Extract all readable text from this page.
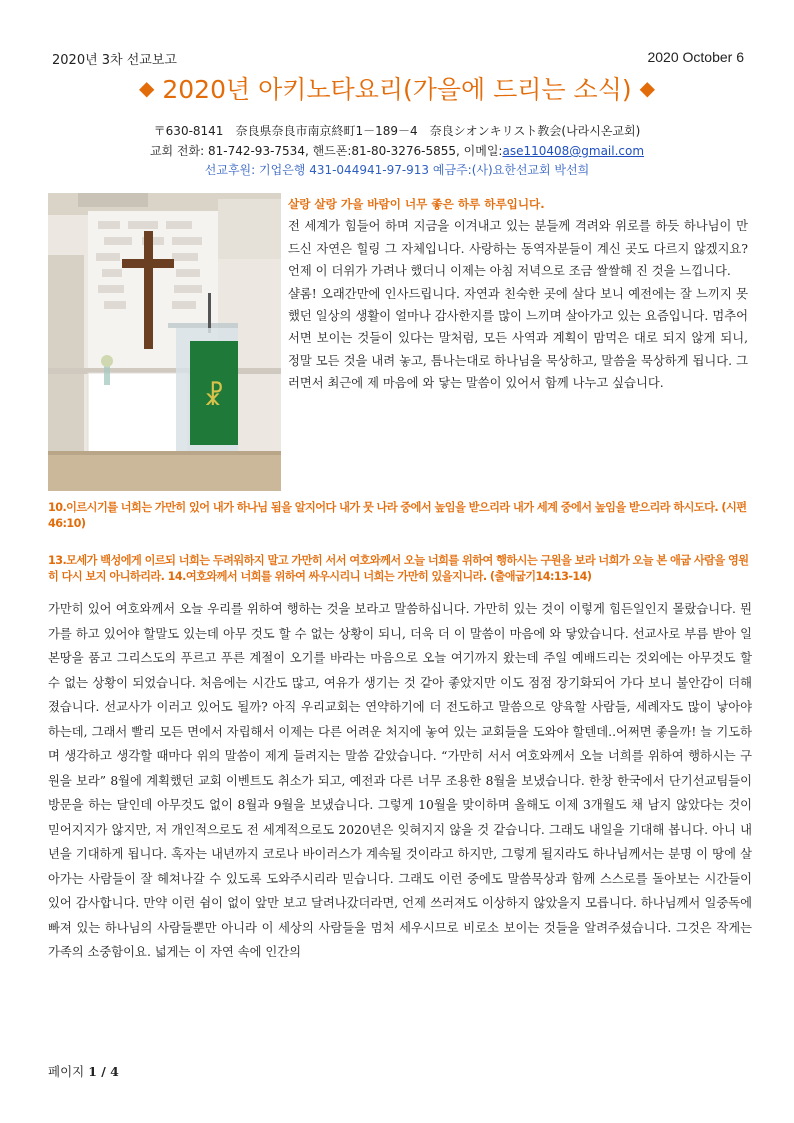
2020년 3차 선교보고	2020 October 6
◆ 2020년 아키노타요리(가을에 드리는 소식) ◆
〒630-8141　奈良県奈良市南京終町1－189－4　奈良シオンキリスト教会(나라시온교회)
교회 전화: 81-742-93-7534, 핸드폰:81-80-3276-5855, 이메일:ase110408@gmail.com
선교후원: 기업은행 431-044941-97-913 예금주:(사)요한선교회 박선희
☧
살랑 살랑 가을 바람이 너무 좋은 하루 하루입니다.
전 세계가 힘들어 하며 지금을 이겨내고 있는 분들께 격려와 위로를 하듯 하나님이 만드신 자연은 힐링 그 자체입니다. 사랑하는 동역자분들이 계신 곳도 다르지 않겠지요? 언제 이 더위가 가려나 했더니 이제는 아침 저녁으로 조금 쌀쌀해 진 것을 느낍니다.
샬롬! 오래간만에 인사드립니다. 자연과 친숙한 곳에 살다 보니 예전에는 잘 느끼지 못했던 일상의 생활이 얼마나 감사한지를 많이 느끼며 살아가고 있는 요즘입니다. 멈추어 서면 보이는 것들이 있다는 말처럼, 모든 사역과 계획이 맘먹은 대로 되지 않게 되니, 정말 모든 것을 내려 놓고, 틈나는대로 하나님을 묵상하고, 말씀을 묵상하게 됩니다. 그러면서 최근에 제 마음에 와 닿는 말씀이 있어서 함께 나누고 싶습니다.
10.이르시기를 너희는 가만히 있어 내가 하나님 됨을 알지어다 내가 뭇 나라 중에서 높임을 받으리라 내가 세계 중에서 높임을 받으리라 하시도다. (시편46:10)
13.모세가 백성에게 이르되 너희는 두려워하지 말고 가만히 서서 여호와께서 오늘 너희를 위하여 행하시는 구원을 보라 너희가 오늘 본 애굽 사람을 영원히 다시 보지 아니하리라. 14.여호와께서 너희를 위하여 싸우시리니 너희는 가만히 있을지니라. (출애굽기14:13-14)
가만히 있어 여호와께서 오늘 우리를 위하여 행하는 것을 보라고 말씀하십니다. 가만히 있는 것이 이렇게 힘든일인지 몰랐습니다. 뭔가를 하고 있어야 할말도 있는데 아무 것도 할 수 없는 상황이 되니, 더욱 더 이 말씀이 마음에 와 닿았습니다. 선교사로 부름 받아 일본땅을 품고 그리스도의 푸르고 푸른 계절이 오기를 바라는 마음으로 오늘 여기까지 왔는데 주일 예배드리는 것외에는 아무것도 할 수 없는 상황이 되었습니다. 처음에는 시간도 많고, 여유가 생기는 것 같아 좋았지만 이도 점점 장기화되어 가다 보니 불안감이 더해졌습니다. 선교사가 이러고 있어도 될까? 아직 우리교회는 연약하기에 더 전도하고 말씀으로 양육할 사람들, 세례자도 많이 낳아야 하는데, 그래서 빨리 모든 면에서 자립해서 이제는 다른 어려운 처지에 놓여 있는 교회들을 도와야 할텐데..어쩌면 좋을까! 늘 기도하며 생각하고 생각할 때마다 위의 말씀이 제게 들려지는 말씀 같았습니다. “가만히 서서 여호와께서 오늘 너희를 위하여 행하시는 구원을 보라” 8월에 계획했던 교회 이벤트도 취소가 되고, 예전과 다른 너무 조용한 8월을 보냈습니다. 한창 한국에서 단기선교팀들이 방문을 하는 달인데 아무것도 없이 8월과 9월을 보냈습니다. 그렇게 10월을 맞이하며 올해도 이제 3개월도 채 남지 않았다는 것이 믿어지지가 않지만, 저 개인적으로도 전 세계적으로도 2020년은 잊혀지지 않을 것 같습니다. 그래도 내일을 기대해 봅니다. 아니 내년을 기대하게 됩니다. 혹자는 내년까지 코로나 바이러스가 계속될 것이라고 하지만, 그렇게 될지라도 하나님께서는 분명 이 땅에 살아가는 사람들이 잘 헤쳐나갈 수 있도록 도와주시리라 믿습니다. 그래도 이런 중에도 말씀묵상과 함께 스스로를 돌아보는 시간들이 있어 감사합니다. 만약 이런 쉼이 없이 앞만 보고 달려나갔더라면, 언제 쓰러져도 이상하지 않았을지 모릅니다. 하나님께서 일중독에 빠져 있는 하나님의 사람들뿐만 아니라 이 세상의 사람들을 멈처 세우시므로 비로소 보이는 것들을 알려주셨습니다. 그것은 작게는 가족의 소중함이요. 넓게는 이 자연 속에 인간의
페이지 1 / 4
